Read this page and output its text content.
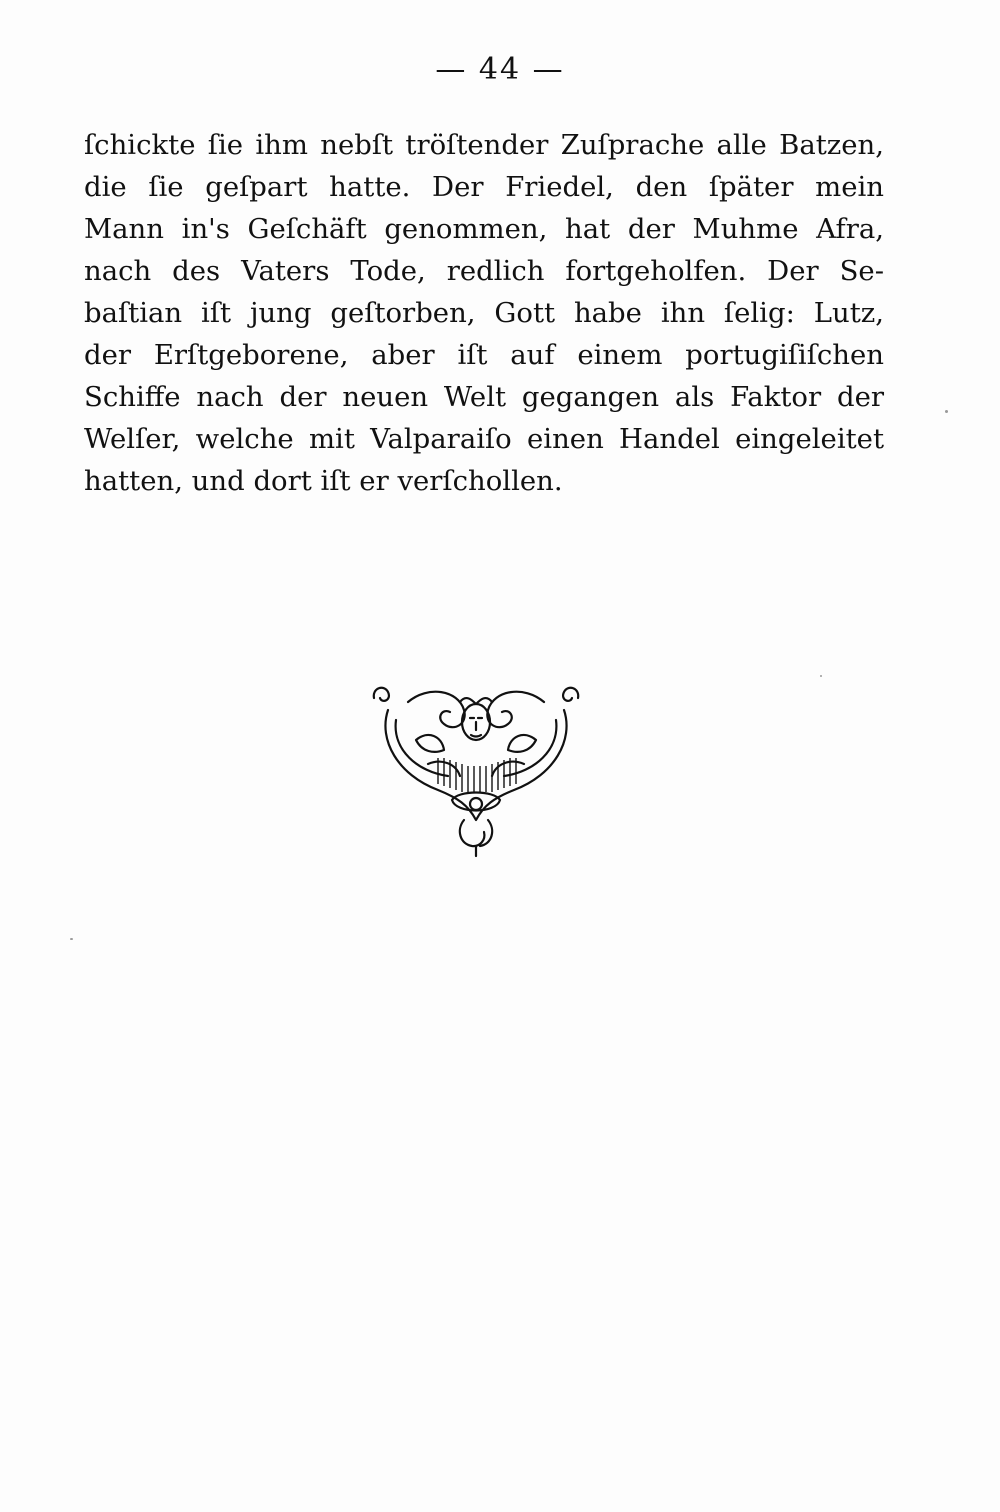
— 44 —
ſchickte ſie ihm nebſt tröſtender Zuſprache alle Batzen,
die ſie geſpart hatte. Der Friedel, den ſpäter mein
Mann in's Geſchäft genommen, hat der Muhme Afra,
nach des Vaters Tode, redlich fortgeholfen. Der Se-
baſtian iſt jung geſtorben, Gott habe ihn ſelig: Lutz,
der Erſtgeborene, aber iſt auf einem portugiſiſchen
Schiffe nach der neuen Welt gegangen als Faktor der
Welſer, welche mit Valparaiſo einen Handel eingeleitet
hatten, und dort iſt er verſchollen.
